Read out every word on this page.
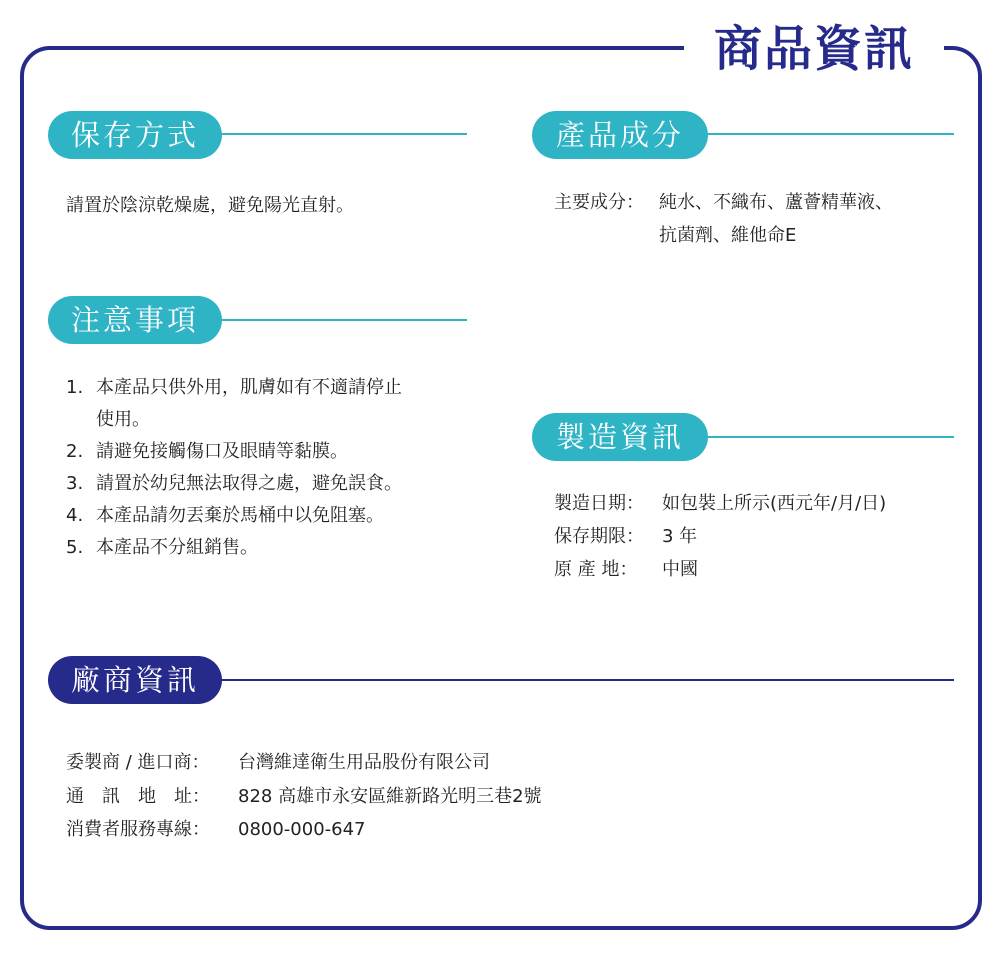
商品資訊
保存方式
請置於陰涼乾燥處，避免陽光直射。
產品成分
主要成分： 純水、不織布、蘆薈精華液、
抗菌劑、維他命E
注意事項
1. 本產品只供外用，肌膚如有不適請停止
使用。
2. 請避免接觸傷口及眼睛等黏膜。
3. 請置於幼兒無法取得之處，避免誤食。
4. 本產品請勿丟棄於馬桶中以免阻塞。
5. 本產品不分組銷售。
製造資訊
製造日期： 如包裝上所示(西元年/月/日)
保存期限： 3 年
原 產 地： 中國
廠商資訊
委製商 / 進口商： 台灣維達衛生用品股份有限公司
通　訊　地　址： 828 高雄市永安區維新路光明三巷2號
消費者服務專線： 0800-000-647
